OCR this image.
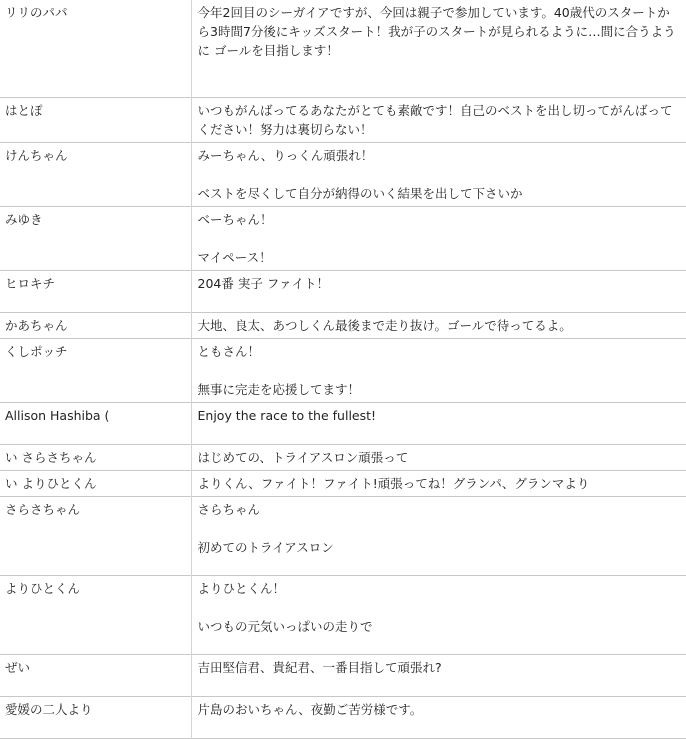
リリのパパ	今年2回目のシーガイアですが、今回は親子で参加しています。40歳代のスタートから3時間7分後にキッズスタート！我が子のスタートが見られるように…間に合うように ゴールを目指します！

はとぽ	いつもがんばってるあなたがとても素敵です！自己のベストを出し切ってがんばってください！努力は裏切らない！

けんちゃん	みーちゃん、りっくん頑張れ！

ベストを尽くして自分が納得のいく結果を出して下さいか

みゆき	ベーちゃん！

マイペース！

ヒロキチ	204番 実子 ファイト！

かあちゃん	大地、良太、あつしくん最後まで走り抜け。ゴールで待ってるよ。

くしポッチ	ともさん！

無事に完走を応援してます！

Allison Hashiba (	Enjoy the race to the fullest!

い さらさちゃん	はじめての、トライアスロン頑張って

い よりひとくん	よりくん、ファイト！ファイト!頑張ってね！グランパ、グランマより

さらさちゃん	さらちゃん

初めてのトライアスロン

よりひとくん	よりひとくん！

いつもの元気いっぱいの走りで

ぜい	吉田堅信君、貴紀君、一番目指して頑張れ?

愛媛の二人より	片島のおいちゃん、夜勤ご苦労様です。
